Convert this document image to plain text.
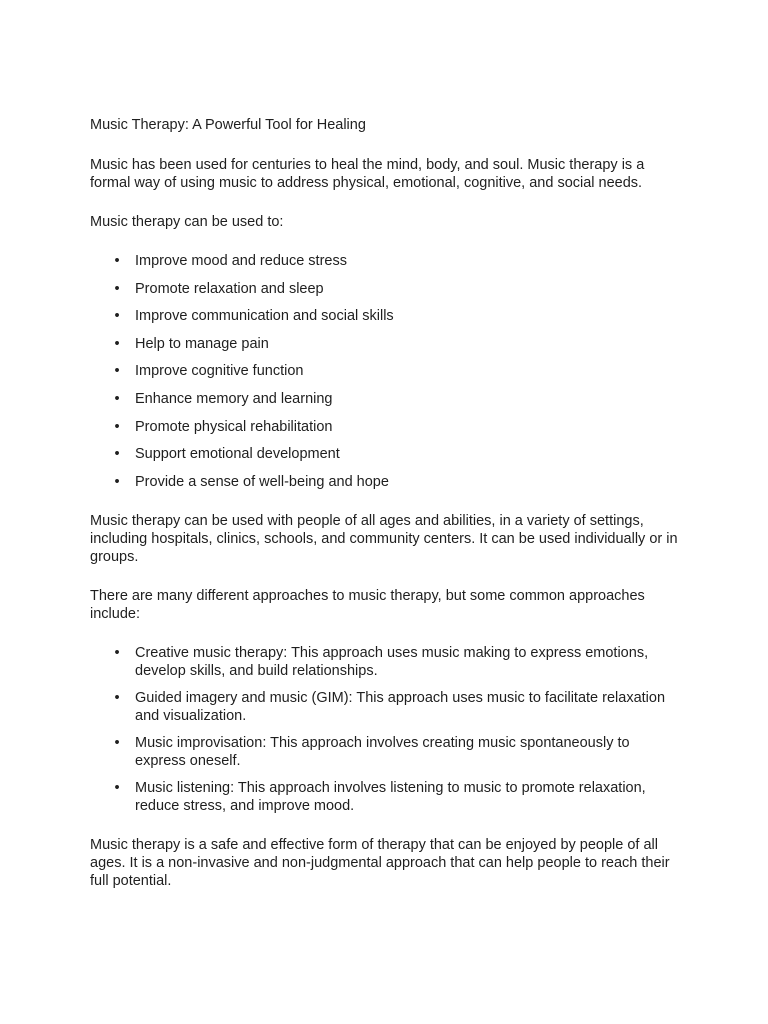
Music Therapy: A Powerful Tool for Healing

Music has been used for centuries to heal the mind, body, and soul. Music therapy is a formal way of using music to address physical, emotional, cognitive, and social needs.

Music therapy can be used to:

• Improve mood and reduce stress
• Promote relaxation and sleep
• Improve communication and social skills
• Help to manage pain
• Improve cognitive function
• Enhance memory and learning
• Promote physical rehabilitation
• Support emotional development
• Provide a sense of well-being and hope

Music therapy can be used with people of all ages and abilities, in a variety of settings, including hospitals, clinics, schools, and community centers. It can be used individually or in groups.

There are many different approaches to music therapy, but some common approaches include:

• Creative music therapy: This approach uses music making to express emotions, develop skills, and build relationships.
• Guided imagery and music (GIM): This approach uses music to facilitate relaxation and visualization.
• Music improvisation: This approach involves creating music spontaneously to express oneself.
• Music listening: This approach involves listening to music to promote relaxation, reduce stress, and improve mood.

Music therapy is a safe and effective form of therapy that can be enjoyed by people of all ages. It is a non-invasive and non-judgmental approach that can help people to reach their full potential.
